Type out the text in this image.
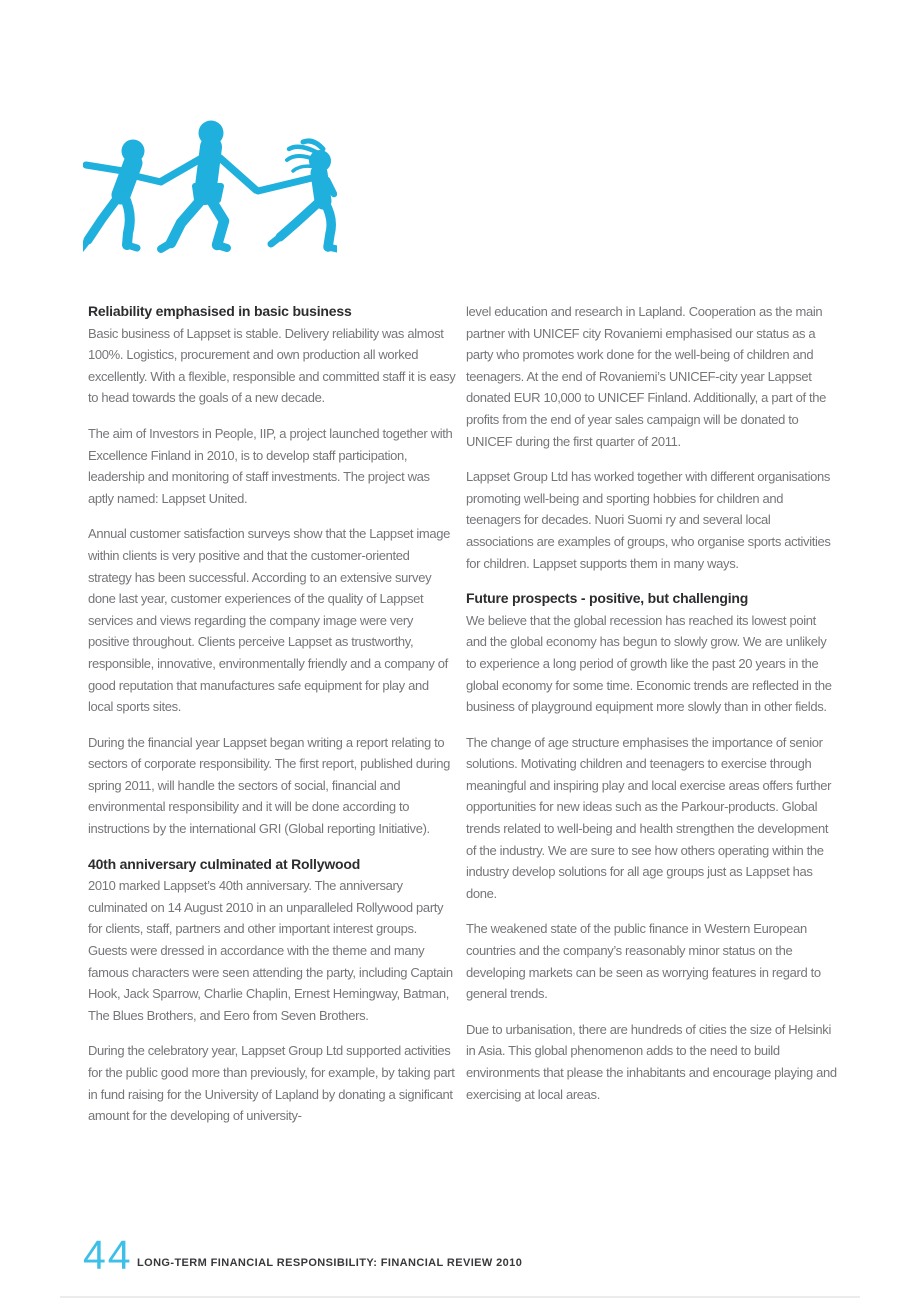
Reliability emphasised in basic business

Basic business of Lappset is stable. Delivery reliability was almost 100%. Logistics, procurement and own production all worked excellently. With a flexible, responsible and committed staff it is easy to head towards the goals of a new decade.

The aim of Investors in People, IIP, a project launched together with Excellence Finland in 2010, is to develop staff participation, leadership and monitoring of staff investments. The project was aptly named: Lappset United.

Annual customer satisfaction surveys show that the Lappset image within clients is very positive and that the customer-oriented strategy has been successful. According to an extensive survey done last year, customer experiences of the quality of Lappset services and views regarding the company image were very positive throughout. Clients perceive Lappset as trustworthy, responsible, innovative, environmentally friendly and a company of good reputation that manufactures safe equipment for play and local sports sites.

During the financial year Lappset began writing a report relating to sectors of corporate responsibility. The first report, published during spring 2011, will handle the sectors of social, financial and environmental responsibility and it will be done according to instructions by the international GRI (Global reporting Initiative).

40th anniversary culminated at Rollywood

2010 marked Lappset’s 40th anniversary. The anniversary culminated on 14 August 2010 in an unparalleled Rollywood party for clients, staff, partners and other important interest groups. Guests were dressed in accordance with the theme and many famous characters were seen attending the party, including Captain Hook, Jack Sparrow, Charlie Chaplin, Ernest Hemingway, Batman, The Blues Brothers, and Eero from Seven Brothers.

During the celebratory year, Lappset Group Ltd supported activities for the public good more than previously, for example, by taking part in fund raising for the University of Lapland by donating a significant amount for the developing of university-

level education and research in Lapland. Cooperation as the main partner with UNICEF city Rovaniemi emphasised our status as a party who promotes work done for the well-being of children and teenagers. At the end of Rovaniemi’s UNICEF-city year Lappset donated EUR 10,000 to UNICEF Finland. Additionally, a part of the profits from the end of year sales campaign will be donated to UNICEF during the first quarter of 2011.

Lappset Group Ltd has worked together with different organisations promoting well-being and sporting hobbies for children and teenagers for decades. Nuori Suomi ry and several local associations are examples of groups, who organise sports activities for children. Lappset supports them in many ways.

Future prospects - positive, but challenging

We believe that the global recession has reached its lowest point and the global economy has begun to slowly grow. We are unlikely to experience a long period of growth like the past 20 years in the global economy for some time. Economic trends are reflected in the business of playground equipment more slowly than in other fields.

The change of age structure emphasises the importance of senior solutions. Motivating children and teenagers to exercise through meaningful and inspiring play and local exercise areas offers further opportunities for new ideas such as the Parkour-products. Global trends related to well-being and health strengthen the development of the industry. We are sure to see how others operating within the industry develop solutions for all age groups just as Lappset has done.

The weakened state of the public finance in Western European countries and the company’s reasonably minor status on the developing markets can be seen as worrying features in regard to general trends.

Due to urbanisation, there are hundreds of cities the size of Helsinki in Asia. This global phenomenon adds to the need to build environments that please the inhabitants and encourage playing and exercising at local areas.

44 LONG-TERM FINANCIAL RESPONSIBILITY: FINANCIAL REVIEW 2010
